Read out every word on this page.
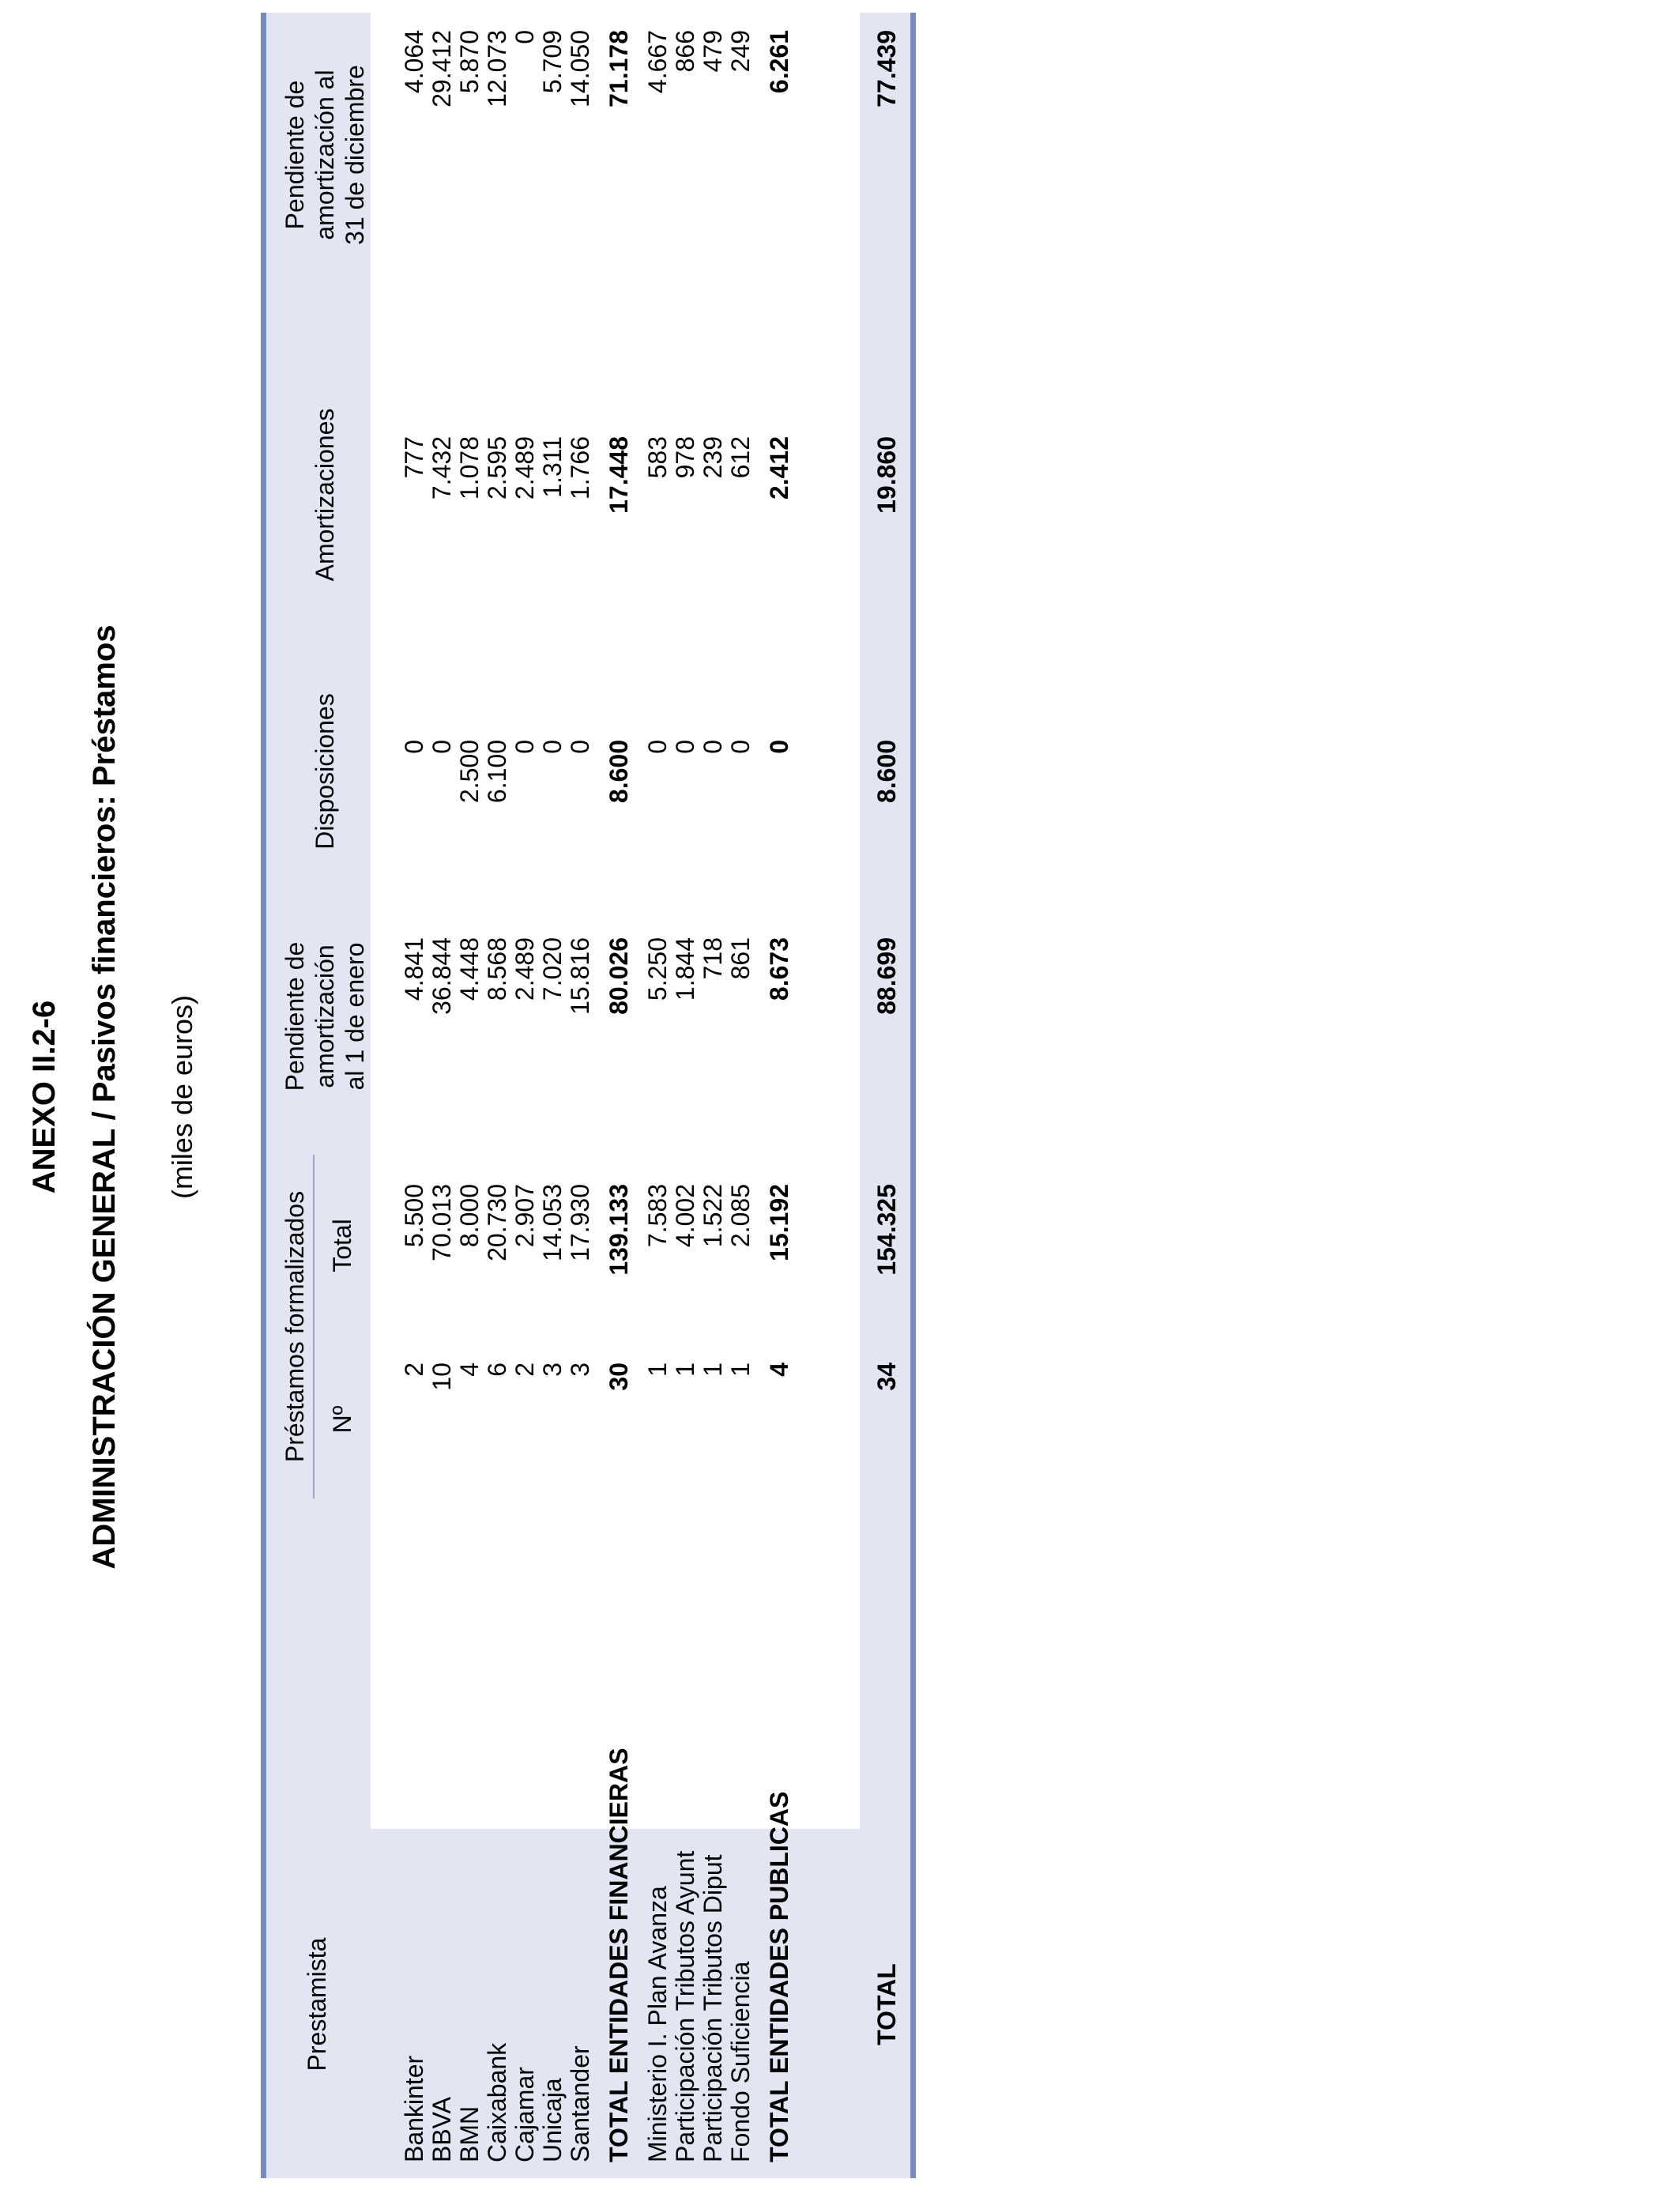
ANEXO II.2-6 ADMINISTRACIÓN GENERAL / Pasivos financieros: Préstamos (miles de euros)
Prestamista
Préstamos formalizados Nº
Total
Pendiente de amortización al 1 de enero
Disposiciones
Amortizaciones
Pendiente de amortización al 31 de diciembre
Bankinter
2
5.500
4.841
0
777
4.064
BBVA
10
70.013
36.844
0
7.432
29.412
BMN
4
8.000
4.448
2.500
1.078
5.870
Caixabank
6
20.730
8.568
6.100
2.595
12.073
Cajamar
2
2.907
2.489
0
2.489
0
Unicaja
3
14.053
7.020
0
1.311
5.709
Santander
3
17.930
15.816
0
1.766
14.050
TOTAL ENTIDADES FINANCIERAS
30
139.133
80.026
8.600
17.448
71.178
Ministerio I. Plan Avanza
1
7.583
5.250
0
583
4.667
Participación Tributos Ayunt
1
4.002
1.844
0
978
866
Participación Tributos Diput
1
1.522
718
0
239
479
Fondo Suficiencia
1
2.085
861
0
612
249
TOTAL ENTIDADES PUBLICAS
4
15.192
8.673
0
2.412
6.261
TOTAL
34
154.325
88.699
8.600
19.860
77.439
